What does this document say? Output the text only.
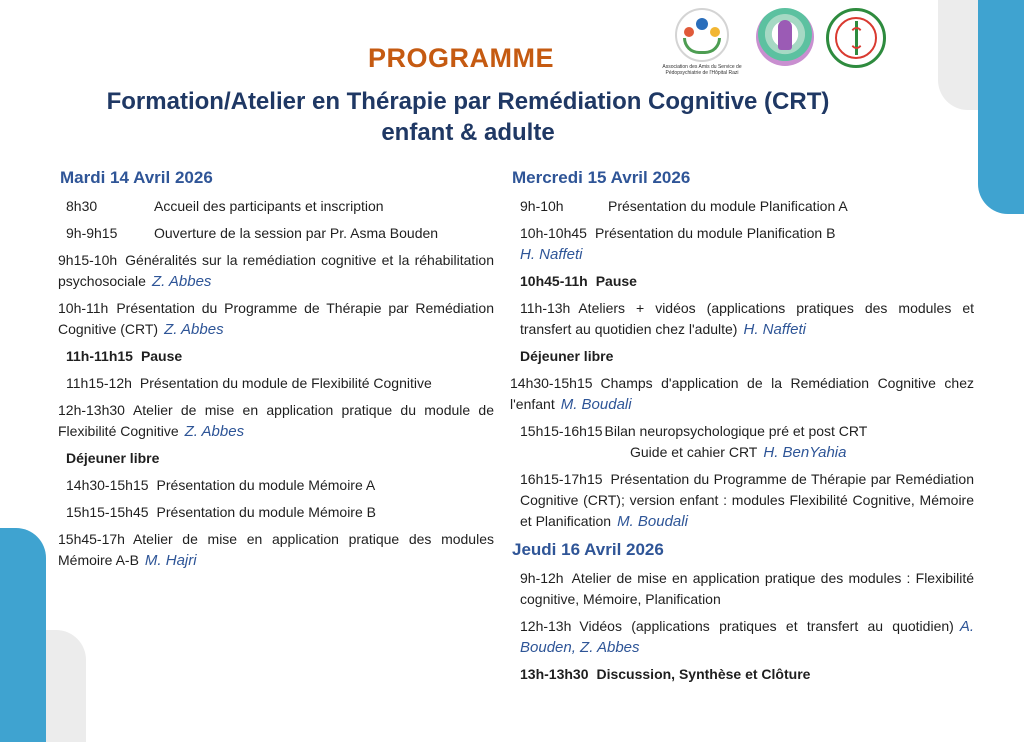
Association des Amis du Service de Pédopsychiatrie de l'Hôpital Razi
PROGRAMME
Formation/Atelier en Thérapie par Remédiation Cognitive (CRT)
enfant & adulte
Mardi 14 Avril 2026
8h30	Accueil des participants et inscription
9h-9h15	Ouverture de la session par Pr. Asma Bouden
9h15-10h Généralités sur la remédiation cognitive et la réhabilitation psychosociale Z. Abbes
10h-11h Présentation du Programme de Thérapie par Remédiation Cognitive (CRT) Z. Abbes
11h-11h15 Pause
11h15-12h Présentation du module de Flexibilité Cognitive
12h-13h30 Atelier de mise en application pratique du module de Flexibilité Cognitive Z. Abbes
Déjeuner libre
14h30-15h15 Présentation du module Mémoire A
15h15-15h45 Présentation du module Mémoire B
15h45-17h Atelier de mise en application pratique des modules Mémoire A-B M. Hajri
Mercredi 15 Avril 2026
9h-10h	Présentation du module Planification A
10h-10h45 Présentation du module Planification B
H. Naffeti
10h45-11h Pause
11h-13h Ateliers + vidéos (applications pratiques des modules et transfert au quotidien chez l'adulte) H. Naffeti
Déjeuner libre
14h30-15h15 Champs d'application de la Remédiation Cognitive chez l'enfant M. Boudali
15h15-16h15 Bilan neuropsychologique pré et post CRT
Guide et cahier CRT H. BenYahia
16h15-17h15 Présentation du Programme de Thérapie par Remédiation Cognitive (CRT); version enfant : modules Flexibilité Cognitive, Mémoire et Planification M. Boudali
Jeudi 16 Avril 2026
9h-12h Atelier de mise en application pratique des modules : Flexibilité cognitive, Mémoire, Planification
12h-13h Vidéos (applications pratiques et transfert au quotidien) A. Bouden, Z. Abbes
13h-13h30 Discussion, Synthèse et Clôture
